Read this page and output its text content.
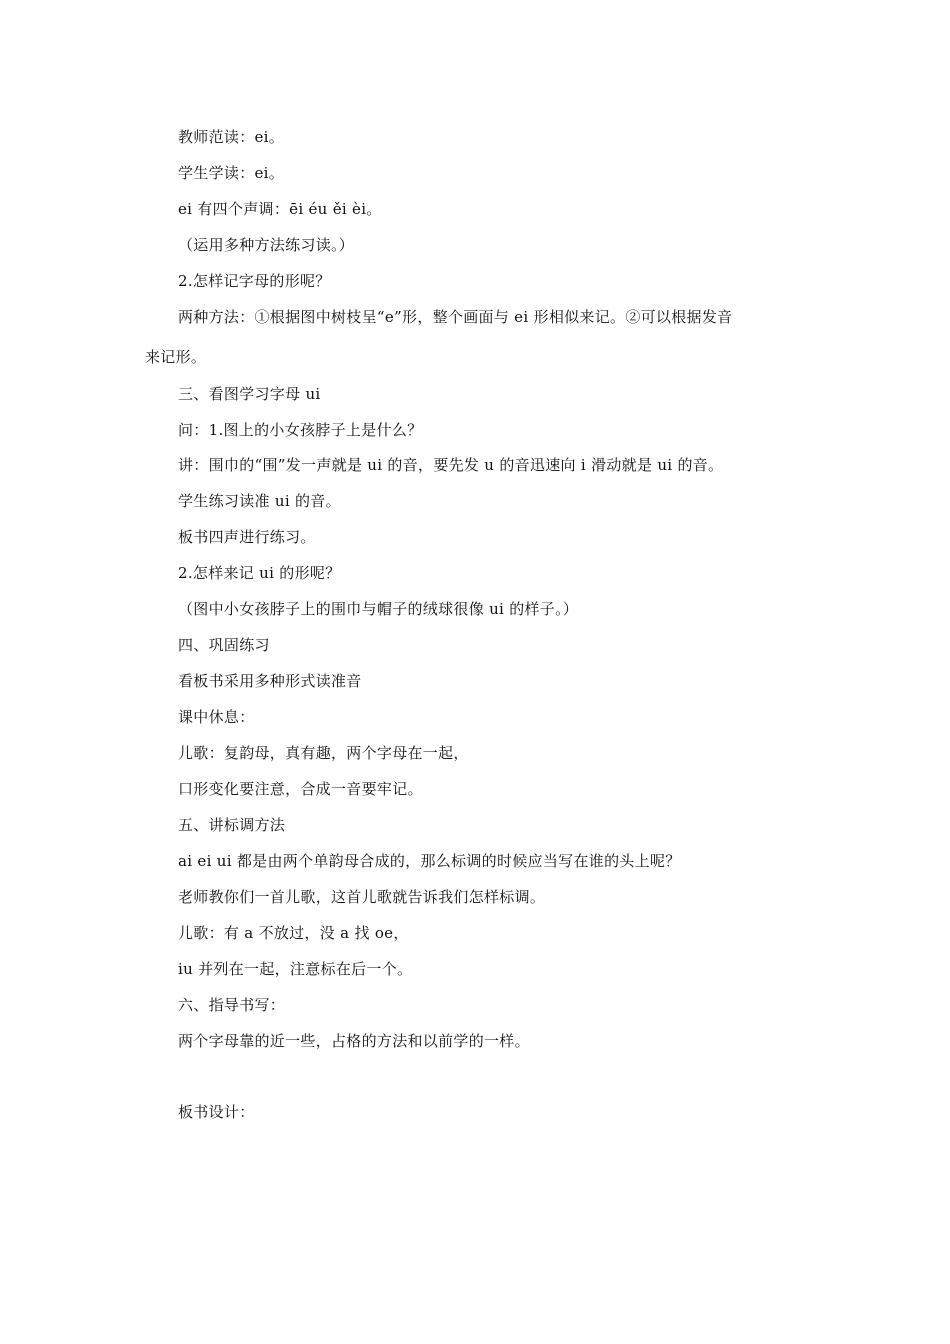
教师范读：ei。
学生学读：ei。
ei 有四个声调：ēi éu ěi èi。
（运用多种方法练习读。）
2.怎样记字母的形呢？
两种方法：①根据图中树枝呈“e”形，整个画面与 ei 形相似来记。②可以根据发音
来记形。
三、看图学习字母 ui
问：1.图上的小女孩脖子上是什么？
讲：围巾的“围”发一声就是 ui 的音，要先发 u 的音迅速向 i 滑动就是 ui 的音。
学生练习读准 ui 的音。
板书四声进行练习。
2.怎样来记 ui 的形呢？
（图中小女孩脖子上的围巾与帽子的绒球很像 ui 的样子。）
四、巩固练习
看板书采用多种形式读准音
课中休息：
儿歌：复韵母，真有趣，两个字母在一起，
口形变化要注意，合成一音要牢记。
五、讲标调方法
ai ei ui 都是由两个单韵母合成的，那么标调的时候应当写在谁的头上呢？
老师教你们一首儿歌，这首儿歌就告诉我们怎样标调。
儿歌：有 a 不放过，没 a 找 oe，
iu 并列在一起，注意标在后一个。
六、指导书写：
两个字母靠的近一些，占格的方法和以前学的一样。
板书设计：
